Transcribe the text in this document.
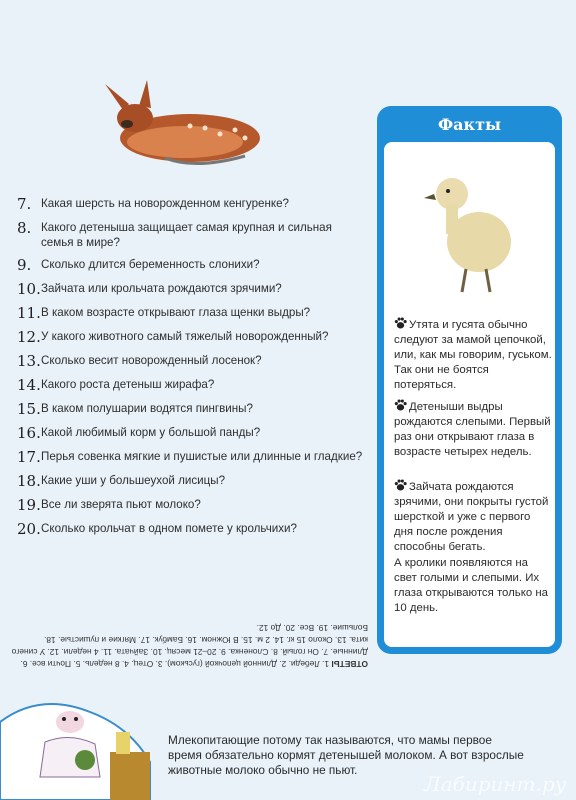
7. Какая шерсть на новорожденном кенгуренке?
8. Какого детеныша защищает самая крупная и сильная семья в мире?
9. Сколько длится беременность слонихи?
10. Зайчата или крольчата рождаются зрячими?
11. В каком возрасте открывают глаза щенки выдры?
12. У какого животного самый тяжелый новорожденный?
13. Сколько весит новорожденный лосенок?
14. Какого роста детеныш жирафа?
15. В каком полушарии водятся пингвины?
16. Какой любимый корм у большой панды?
17. Перья совенка мягкие и пушистые или длинные и гладкие?
18. Какие уши у большеухой лисицы?
19. Все ли зверята пьют молоко?
20. Сколько крольчат в одном помете у крольчихи?
Факты
Утята и гусята обычно следуют за мамой цепочкой, или, как мы говорим, гуськом. Так они не боятся потеряться.
Детеныши выдры рождаются слепыми. Первый раз они открывают глаза в возрасте четырех недель.
Зайчата рождаются зрячими, они покрыты густой шерсткой и уже с первого дня после рождения способны бегать.
А кролики появляются на свет голыми и слепыми. Их глаза открываются только на 10 день.
ОТВЕТЫ 1. Лебеди. 2. Длинной цепочкой (гуськом). 3. Отец. 4. 8 недель. 5. Почти все. 6. Длинные. 7. Он голый. 8. Слоненка. 9. 20–21 месяц. 10. Зайчата. 11. 4 недели. 12. У синего кита. 13. Около 15 кг. 14. 2 м. 15. В Южном. 16. Бамбук. 17. Мягкие и пушистые. 18. Большие. 19. Все. 20. До 12.
Млекопитающие потому так называются, что мамы первое время обязательно кормят детенышей молоком. А вот взрослые животные молоко обычно не пьют.
Лабиринт.ру
